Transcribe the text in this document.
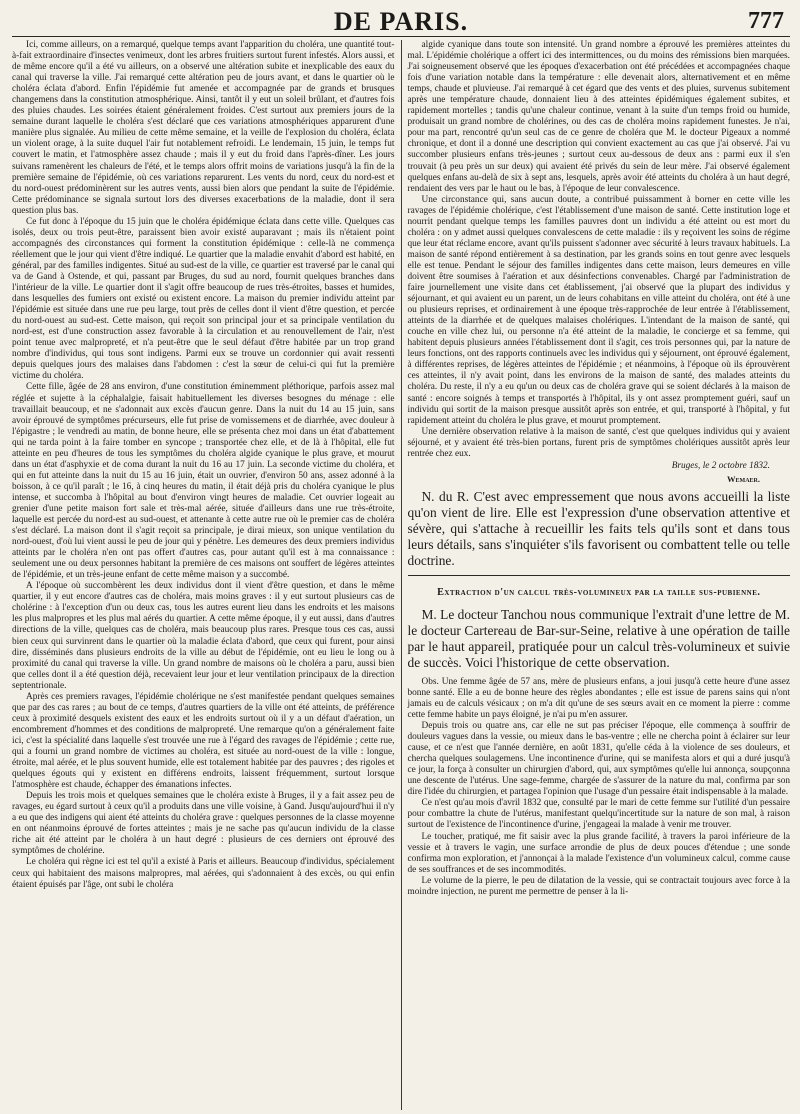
DE PARIS.	777

Ici, comme ailleurs, on a remarqué, quelque temps avant l'apparition du choléra, une quantité tout-à-fait extraordinaire d'insectes venimeux, dont les arbres fruitiers surtout furent infestés. Alors aussi, et de même encore qu'il a été vu ailleurs, on a observé une altération subite et inexplicable des eaux du canal qui traverse la ville. J'ai remarqué cette altération peu de jours avant, et dans le quartier où le choléra éclata d'abord. Enfin l'épidémie fut amenée et accompagnée par de grands et brusques changemens dans la constitution atmosphérique. Ainsi, tantôt il y eut un soleil brûlant, et d'autres fois des pluies chaudes. Les soirées étaient généralement froides. C'est surtout aux premiers jours de la semaine durant laquelle le choléra s'est déclaré que ces variations atmosphériques apparurent d'une manière plus signalée. Au milieu de cette même semaine, et la veille de l'explosion du choléra, éclata un violent orage, à la suite duquel l'air fut notablement refroidi. Le lendemain, 15 juin, le temps fut couvert le matin, et l'atmosphère assez chaude ; mais il y eut du froid dans l'après-dîner. Les jours suivans ramenèrent les chaleurs de l'été, et le temps alors offrit moins de variations jusqu'à la fin de la première semaine de l'épidémie, où ces variations reparurent. Les vents du nord, ceux du nord-est et du nord-ouest prédominèrent sur les autres vents, aussi bien alors que pendant la suite de l'épidémie. Cette prédominance se signala surtout lors des diverses exacerbations de la maladie, dont il sera question plus bas.

Ce fut donc à l'époque du 15 juin que le choléra épidémique éclata dans cette ville. Quelques cas isolés, deux ou trois peut-être, paraissent bien avoir existé auparavant ; mais ils n'étaient point accompagnés des circonstances qui forment la constitution épidémique : celle-là ne commença réellement que le jour qui vient d'être indiqué. Le quartier que la maladie envahit d'abord est habité, en général, par des familles indigentes. Situé au sud-est de la ville, ce quartier est traversé par le canal qui va de Gand à Ostende, et qui, passant par Bruges, du sud au nord, fournit quelques branches dans l'intérieur de la ville. Le quartier dont il s'agit offre beaucoup de rues très-étroites, basses et humides, dans lesquelles des fumiers ont existé ou existent encore. La maison du premier individu atteint par l'épidémie est située dans une rue peu large, tout près de celles dont il vient d'être question, et percée du nord-ouest au sud-est. Cette maison, qui reçoit son principal jour et sa principale ventilation du nord-est, est d'une construction assez favorable à la circulation et au renouvellement de l'air, n'est point tenue avec malpropreté, et n'a peut-être que le seul défaut d'être habitée par un trop grand nombre d'individus, qui tous sont indigens. Parmi eux se trouve un cordonnier qui avait ressenti depuis quelques jours des malaises dans l'abdomen : c'est la sœur de celui-ci qui fut la première victime du choléra.

Cette fille, âgée de 28 ans environ, d'une constitution éminemment pléthorique, parfois assez mal réglée et sujette à la céphalalgie, faisait habituellement les diverses besognes du ménage : elle travaillait beaucoup, et ne s'adonnait aux excès d'aucun genre. Dans la nuit du 14 au 15 juin, sans avoir éprouvé de symptômes précurseurs, elle fut prise de vomissemens et de diarrhée, avec douleur à l'épigastre ; le vendredi au matin, de bonne heure, elle se présenta chez moi dans un état d'abattement qui ne tarda point à la faire tomber en syncope ; transportée chez elle, et de là à l'hôpital, elle fut atteinte en peu d'heures de tous les symptômes du choléra algide cyanique le plus grave, et mourut dans un état d'asphyxie et de coma durant la nuit du 16 au 17 juin. La seconde victime du choléra, et qui en fut atteinte dans la nuit du 15 au 16 juin, était un ouvrier, d'environ 50 ans, assez adonné à la boisson, à ce qu'il paraît ; le 16, à cinq heures du matin, il était déjà pris du choléra cyanique le plus intense, et succomba à l'hôpital au bout d'environ vingt heures de maladie. Cet ouvrier logeait au grenier d'une petite maison fort sale et très-mal aérée, située d'ailleurs dans une rue très-étroite, laquelle est percée du nord-est au sud-ouest, et attenante à cette autre rue où le premier cas de choléra s'est déclaré. La maison dont il s'agit reçoit sa principale, je dirai mieux, son unique ventilation du nord-ouest, d'où lui vient aussi le peu de jour qui y pénètre. Les demeures des deux premiers individus atteints par le choléra n'en ont pas offert d'autres cas, pour autant qu'il est à ma connaissance : seulement une ou deux personnes habitant la première de ces maisons ont souffert de légères atteintes de l'épidémie, et un très-jeune enfant de cette même maison y a succombé.

A l'époque où succombèrent les deux individus dont il vient d'être question, et dans le même quartier, il y eut encore d'autres cas de choléra, mais moins graves : il y eut surtout plusieurs cas de cholérine : à l'exception d'un ou deux cas, tous les autres eurent lieu dans les endroits et les maisons les plus malpropres et les plus mal aérés du quartier. A cette même époque, il y eut aussi, dans d'autres directions de la ville, quelques cas de choléra, mais beaucoup plus rares. Presque tous ces cas, aussi bien ceux qui survinrent dans le quartier où la maladie éclata d'abord, que ceux qui furent, pour ainsi dire, disséminés dans plusieurs endroits de la ville au début de l'épidémie, ont eu lieu le long ou à proximité du canal qui traverse la ville. Un grand nombre de maisons où le choléra a paru, aussi bien que celles dont il a été question déjà, recevaient leur jour et leur ventilation principaux de la direction septentrionale.

Après ces premiers ravages, l'épidémie cholérique ne s'est manifestée pendant quelques semaines que par des cas rares ; au bout de ce temps, d'autres quartiers de la ville ont été atteints, de préférence ceux à proximité desquels existent des eaux et les endroits surtout où il y a un défaut d'aération, un encombrement d'hommes et des conditions de malpropreté. Une remarque qu'on a généralement faite ici, c'est la spécialité dans laquelle s'est trouvée une rue à l'égard des ravages de l'épidémie ; cette rue, qui a fourni un grand nombre de victimes au choléra, est située au nord-ouest de la ville : longue, étroite, mal aérée, et le plus souvent humide, elle est totalement habitée par des pauvres ; des rigoles et quelques égouts qui y existent en différens endroits, laissent fréquemment, surtout lorsque l'atmosphère est chaude, échapper des émanations infectes.

Depuis les trois mois et quelques semaines que le choléra existe à Bruges, il y a fait assez peu de ravages, eu égard surtout à ceux qu'il a produits dans une ville voisine, à Gand. Jusqu'aujourd'hui il n'y a eu que des indigens qui aient été atteints du choléra grave : quelques personnes de la classe moyenne en ont néanmoins éprouvé de fortes atteintes ; mais je ne sache pas qu'aucun individu de la classe riche ait été atteint par le choléra à un haut degré : plusieurs de ces derniers ont éprouvé des symptômes de cholérine.

Le choléra qui règne ici est tel qu'il a existé à Paris et ailleurs. Beaucoup d'individus, spécialement ceux qui habitaient des maisons malpropres, mal aérées, qui s'adonnaient à des excès, ou qui enfin étaient épuisés par l'âge, ont subi le choléra

algide cyanique dans toute son intensité. Un grand nombre a éprouvé les premières atteintes du mal. L'épidémie cholérique a offert ici des intermittences, ou du moins des rémissions bien marquées. J'ai soigneusement observé que les époques d'exacerbation ont été précédées et accompagnées chaque fois d'une variation notable dans la température : elle devenait alors, alternativement et en même temps, chaude et pluvieuse. J'ai remarqué à cet égard que des vents et des pluies, survenus subitement après une température chaude, donnaient lieu à des atteintes épidémiques également subites, et rapidement mortelles ; tandis qu'une chaleur continue, venant à la suite d'un temps froid ou humide, produisait un grand nombre de cholérines, ou des cas de choléra moins rapidement funestes. Je n'ai, pour ma part, rencontré qu'un seul cas de ce genre de choléra que M. le docteur Pigeaux a nommé chronique, et dont il a donné une description qui convient exactement au cas que j'ai observé. J'ai vu succomber plusieurs enfans très-jeunes ; surtout ceux au-dessous de deux ans : parmi eux il s'en trouvait (à peu près un sur deux) qui avaient été privés du sein de leur mère. J'ai observé également quelques enfans au-delà de six à sept ans, lesquels, après avoir été atteints du choléra à un haut degré, rendaient des vers par le haut ou le bas, à l'époque de leur convalescence.

Une circonstance qui, sans aucun doute, a contribué puissamment à borner en cette ville les ravages de l'épidémie cholérique, c'est l'établissement d'une maison de santé. Cette institution loge et nourrit pendant quelque temps les familles pauvres dont un individu a été atteint ou est mort du choléra : on y admet aussi quelques convalescens de cette maladie : ils y reçoivent les soins de régime que leur état réclame encore, avant qu'ils puissent s'adonner avec sécurité à leurs travaux habituels. La maison de santé répond entièrement à sa destination, par les grands soins en tout genre avec lesquels elle est tenue. Pendant le séjour des familles indigentes dans cette maison, leurs demeures en ville doivent être soumises à l'aération et aux désinfections convenables. Chargé par l'administration de faire journellement une visite dans cet établissement, j'ai observé que la plupart des individus y séjournant, et qui avaient eu un parent, un de leurs cohabitans en ville atteint du choléra, ont été à une ou plusieurs reprises, et ordinairement à une époque très-rapprochée de leur entrée à l'établissement, atteints de la diarrhée et de quelques malaises cholériques. L'intendant de la maison de santé, qui couche en ville chez lui, ou personne n'a été atteint de la maladie, le concierge et sa femme, qui habitent depuis plusieurs années l'établissement dont il s'agit, ces trois personnes qui, par la nature de leurs fonctions, ont des rapports continuels avec les individus qui y séjournent, ont éprouvé également, à différentes reprises, de légères atteintes de l'épidémie ; et néanmoins, à l'époque où ils éprouvèrent ces atteintes, il n'y avait point, dans les environs de la maison de santé, des malades atteints du choléra. Du reste, il n'y a eu qu'un ou deux cas de choléra grave qui se soient déclarés à la maison de santé : encore soignés à temps et transportés à l'hôpital, ils y ont assez promptement guéri, sauf un individu qui sortit de la maison presque aussitôt après son entrée, et qui, transporté à l'hôpital, y fut rapidement atteint du choléra le plus grave, et mourut promptement.

Une dernière observation relative à la maison de santé, c'est que quelques individus qui y avaient séjourné, et y avaient été très-bien portans, furent pris de symptômes cholériques aussitôt après leur rentrée chez eux.

Bruges, le 2 octobre 1832.

Wemaer.

N. du R. C'est avec empressement que nous avons accueilli la liste qu'on vient de lire. Elle est l'expression d'une observation attentive et sévère, qui s'attache à recueillir les faits tels qu'ils sont et dans tous leurs détails, sans s'inquiéter s'ils favorisent ou combattent telle ou telle doctrine.

Extraction d'un calcul très-volumineux par la taille sus-pubienne.

M. Le docteur Tanchou nous communique l'extrait d'une lettre de M. le docteur Cartereau de Bar-sur-Seine, relative à une opération de taille par le haut appareil, pratiquée pour un calcul très-volumineux et suivie de succès. Voici l'historique de cette observation.

Obs. Une femme âgée de 57 ans, mère de plusieurs enfans, a joui jusqu'à cette heure d'une assez bonne santé. Elle a eu de bonne heure des règles abondantes ; elle est issue de parens sains qui n'ont jamais eu de calculs vésicaux ; on m'a dit qu'une de ses sœurs avait en ce moment la pierre : comme cette femme habite un pays éloigné, je n'ai pu m'en assurer.

Depuis trois ou quatre ans, car elle ne sut pas préciser l'époque, elle commença à souffrir de douleurs vagues dans la vessie, ou mieux dans le bas-ventre ; elle ne chercha point à éclairer sur leur cause, et ce n'est que l'année dernière, en août 1831, qu'elle céda à la violence de ses douleurs, et chercha quelques soulagemens. Une incontinence d'urine, qui se manifesta alors et qui a duré jusqu'à ce jour, la força à consulter un chirurgien d'abord, qui, aux symptômes qu'elle lui annonça, soupçonna une descente de l'utérus. Une sage-femme, chargée de s'assurer de la nature du mal, confirma par son dire l'idée du chirurgien, et partagea l'opinion que l'usage d'un pessaire était indispensable à la malade.

Ce n'est qu'au mois d'avril 1832 que, consulté par le mari de cette femme sur l'utilité d'un pessaire pour combattre la chute de l'utérus, manifestant quelqu'incertitude sur la nature de son mal, à raison surtout de l'existence de l'incontinence d'urine, j'engageai la malade à venir me trouver.

Le toucher, pratiqué, me fit saisir avec la plus grande facilité, à travers la paroi inférieure de la vessie et à travers le vagin, une surface arrondie de plus de deux pouces d'étendue ; une sonde confirma mon exploration, et j'annonçai à la malade l'existence d'un volumineux calcul, comme cause de ses souffrances et de ses incommodités.

Le volume de la pierre, le peu de dilatation de la vessie, qui se contractait toujours avec force à la moindre injection, ne purent me permettre de penser à la li-
